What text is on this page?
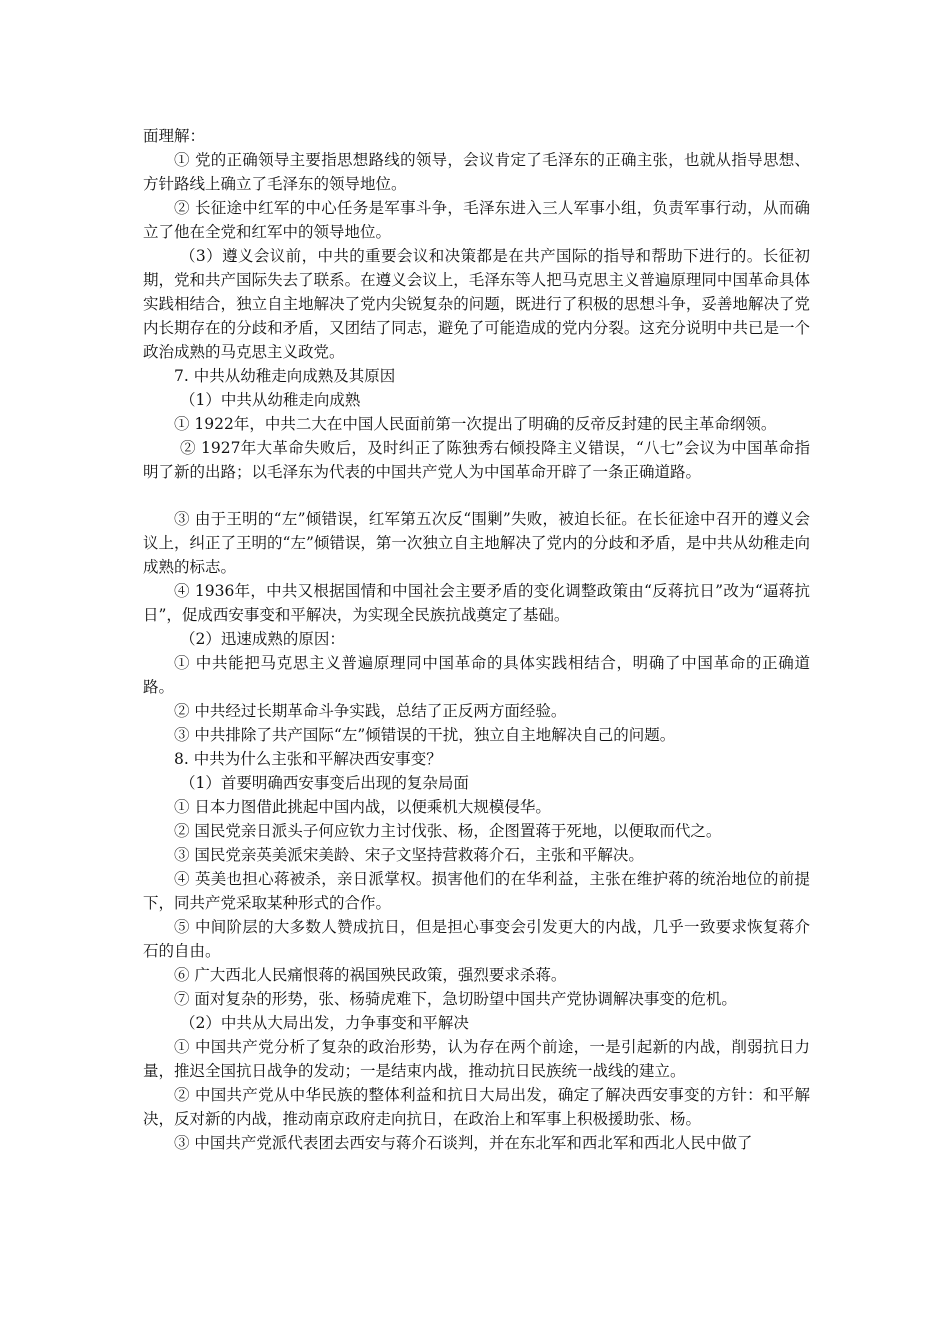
面理解：

① 党的正确领导主要指思想路线的领导，会议肯定了毛泽东的正确主张，也就从指导思想、方针路线上确立了毛泽东的领导地位。

② 长征途中红军的中心任务是军事斗争，毛泽东进入三人军事小组，负责军事行动，从而确立了他在全党和红军中的领导地位。

（3）遵义会议前，中共的重要会议和决策都是在共产国际的指导和帮助下进行的。长征初期，党和共产国际失去了联系。在遵义会议上，毛泽东等人把马克思主义普遍原理同中国革命具体实践相结合，独立自主地解决了党内尖锐复杂的问题，既进行了积极的思想斗争，妥善地解决了党内长期存在的分歧和矛盾，又团结了同志，避免了可能造成的党内分裂。这充分说明中共已是一个政治成熟的马克思主义政党。

7. 中共从幼稚走向成熟及其原因

（1）中共从幼稚走向成熟

① 1922年，中共二大在中国人民面前第一次提出了明确的反帝反封建的民主革命纲领。

② 1927年大革命失败后，及时纠正了陈独秀右倾投降主义错误，“八七”会议为中国革命指明了新的出路；以毛泽东为代表的中国共产党人为中国革命开辟了一条正确道路。

③ 由于王明的“左”倾错误，红军第五次反“围剿”失败，被迫长征。在长征途中召开的遵义会议上，纠正了王明的“左”倾错误，第一次独立自主地解决了党内的分歧和矛盾，是中共从幼稚走向成熟的标志。

④ 1936年，中共又根据国情和中国社会主要矛盾的变化调整政策由“反蒋抗日”改为“逼蒋抗日”，促成西安事变和平解决，为实现全民族抗战奠定了基础。

（2）迅速成熟的原因：

① 中共能把马克思主义普遍原理同中国革命的具体实践相结合，明确了中国革命的正确道路。

② 中共经过长期革命斗争实践，总结了正反两方面经验。

③ 中共排除了共产国际“左”倾错误的干扰，独立自主地解决自己的问题。

8. 中共为什么主张和平解决西安事变？

（1）首要明确西安事变后出现的复杂局面

① 日本力图借此挑起中国内战，以便乘机大规模侵华。

② 国民党亲日派头子何应钦力主讨伐张、杨，企图置蒋于死地，以便取而代之。

③ 国民党亲英美派宋美龄、宋子文坚持营救蒋介石，主张和平解决。

④ 英美也担心蒋被杀，亲日派掌权。损害他们的在华利益，主张在维护蒋的统治地位的前提下，同共产党采取某种形式的合作。

⑤ 中间阶层的大多数人赞成抗日，但是担心事变会引发更大的内战，几乎一致要求恢复蒋介石的自由。

⑥ 广大西北人民痛恨蒋的祸国殃民政策，强烈要求杀蒋。

⑦ 面对复杂的形势，张、杨骑虎难下，急切盼望中国共产党协调解决事变的危机。

（2）中共从大局出发，力争事变和平解决

① 中国共产党分析了复杂的政治形势，认为存在两个前途，一是引起新的内战，削弱抗日力量，推迟全国抗日战争的发动；一是结束内战，推动抗日民族统一战线的建立。

② 中国共产党从中华民族的整体利益和抗日大局出发，确定了解决西安事变的方针：和平解决，反对新的内战，推动南京政府走向抗日，在政治上和军事上积极援助张、杨。

③ 中国共产党派代表团去西安与蒋介石谈判，并在东北军和西北军和西北人民中做了
